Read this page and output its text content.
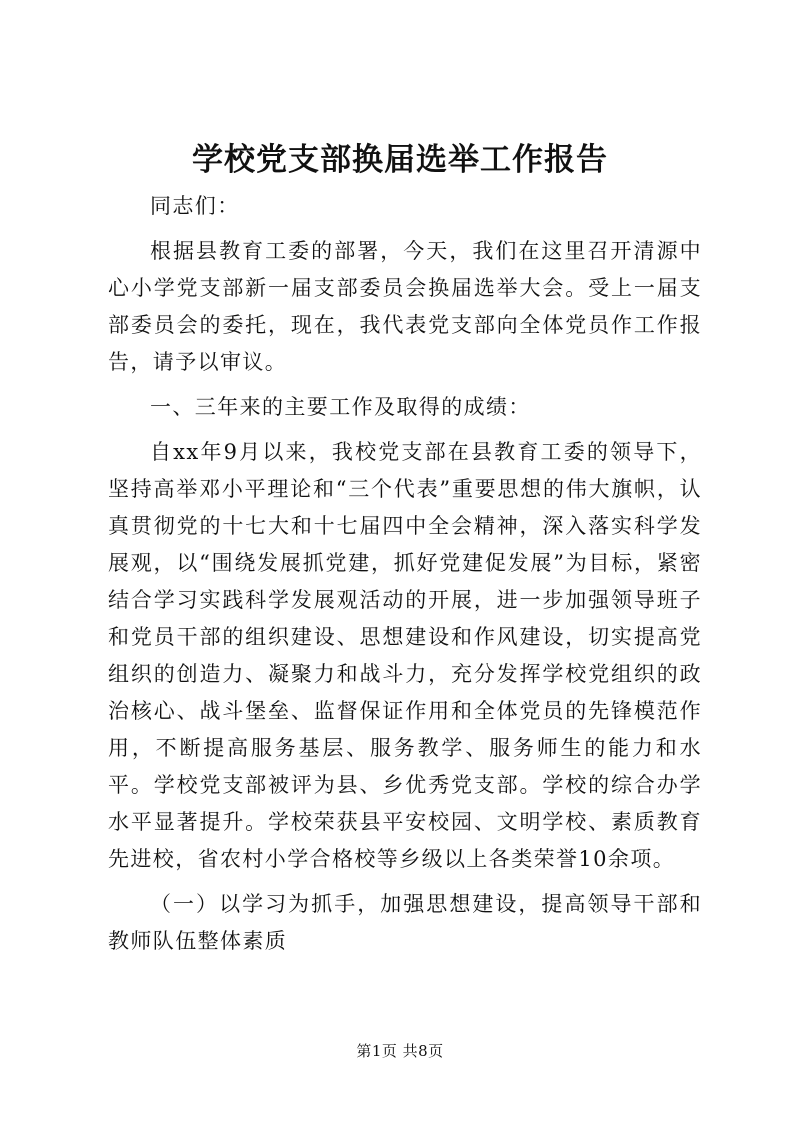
学校党支部换届选举工作报告

同志们：

根据县教育工委的部署，今天，我们在这里召开清源中心小学党支部新一届支部委员会换届选举大会。受上一届支部委员会的委托，现在，我代表党支部向全体党员作工作报告，请予以审议。

一、三年来的主要工作及取得的成绩：

自xx年9月以来，我校党支部在县教育工委的领导下，坚持高举邓小平理论和“三个代表”重要思想的伟大旗帜，认真贯彻党的十七大和十七届四中全会精神，深入落实科学发展观，以“围绕发展抓党建，抓好党建促发展”为目标，紧密结合学习实践科学发展观活动的开展，进一步加强领导班子和党员干部的组织建设、思想建设和作风建设，切实提高党组织的创造力、凝聚力和战斗力，充分发挥学校党组织的政治核心、战斗堡垒、监督保证作用和全体党员的先锋模范作用，不断提高服务基层、服务教学、服务师生的能力和水平。学校党支部被评为县、乡优秀党支部。学校的综合办学水平显著提升。学校荣获县平安校园、文明学校、素质教育先进校，省农村小学合格校等乡级以上各类荣誉10余项。

（一）以学习为抓手，加强思想建设，提高领导干部和教师队伍整体素质

第1页 共8页
